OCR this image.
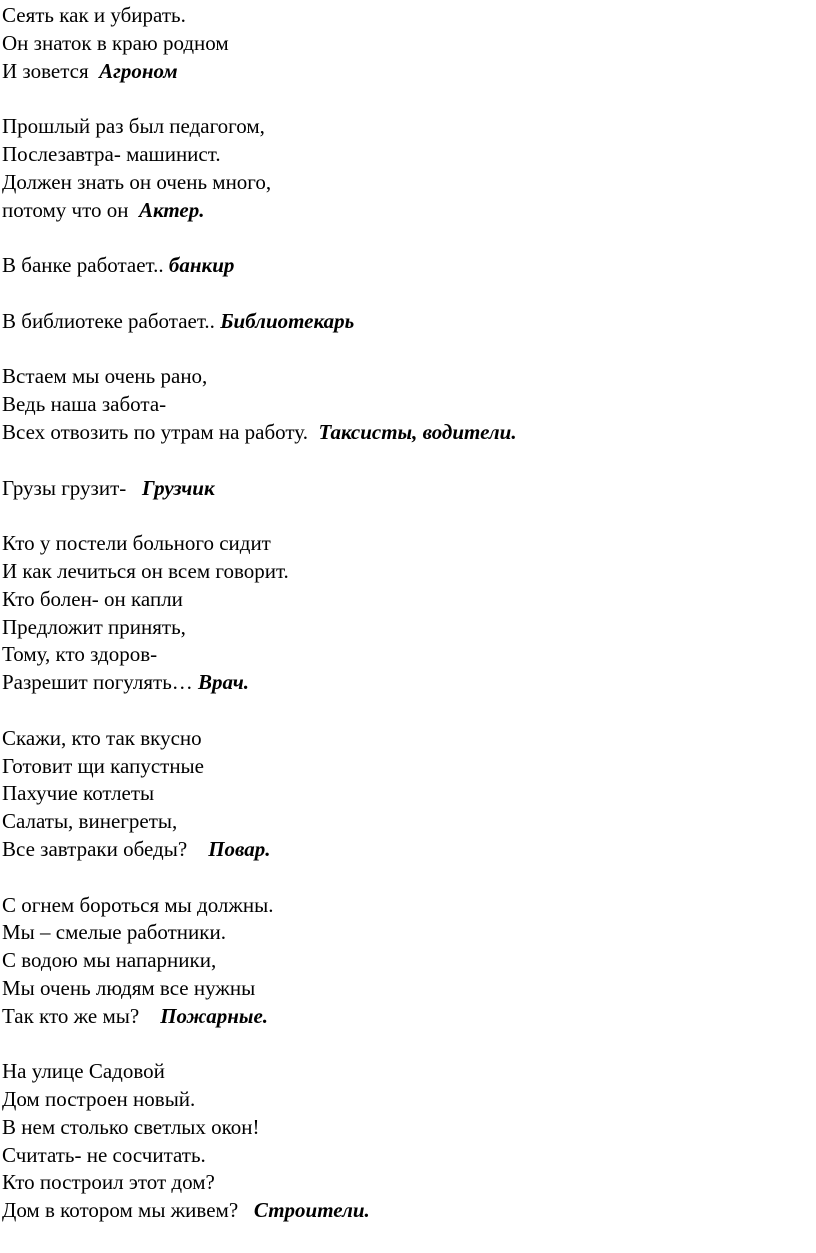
Сеять как и убирать.
Он знаток в краю родном
И зовется Агроном
Прошлый раз был педагогом,
Послезавтра- машинист.
Должен знать он очень много,
потому что он Актер.
В банке работает.. банкир
В библиотеке работает.. Библиотекарь
Встаем мы очень рано,
Ведь наша забота-
Всех отвозить по утрам на работу. Таксисты, водители.
Грузы грузит- Грузчик
Кто у постели больного сидит
И как лечиться он всем говорит.
Кто болен- он капли
Предложит принять,
Тому, кто здоров-
Разрешит погулять… Врач.
Скажи, кто так вкусно
Готовит щи капустные
Пахучие котлеты
Салаты, винегреты,
Все завтраки обеды? Повар.
С огнем бороться мы должны.
Мы – смелые работники.
С водою мы напарники,
Мы очень людям все нужны
Так кто же мы? Пожарные.
На улице Садовой
Дом построен новый.
В нем столько светлых окон!
Считать- не сосчитать.
Кто построил этот дом?
Дом в котором мы живем? Строители.
